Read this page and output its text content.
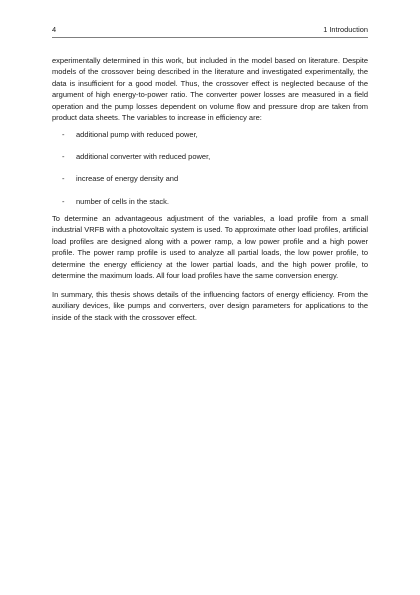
4	1 Introduction

experimentally determined in this work, but included in the model based on literature. Despite models of the crossover being described in the literature and investigated experimentally, the data is insufficient for a good model. Thus, the crossover effect is neglected because of the argument of high energy-to-power ratio. The converter power losses are measured in a field operation and the pump losses dependent on volume flow and pressure drop are taken from product data sheets. The variables to increase in efficiency are:

- additional pump with reduced power,
- additional converter with reduced power,
- increase of energy density and
- number of cells in the stack.

To determine an advantageous adjustment of the variables, a load profile from a small industrial VRFB with a photovoltaic system is used. To approximate other load profiles, artificial load profiles are designed along with a power ramp, a low power profile and a high power profile. The power ramp profile is used to analyze all partial loads, the low power profile, to determine the energy efficiency at the lower partial loads, and the high power profile, to determine the maximum loads. All four load profiles have the same conversion energy.

In summary, this thesis shows details of the influencing factors of energy efficiency. From the auxiliary devices, like pumps and converters, over design parameters for applications to the inside of the stack with the crossover effect.
